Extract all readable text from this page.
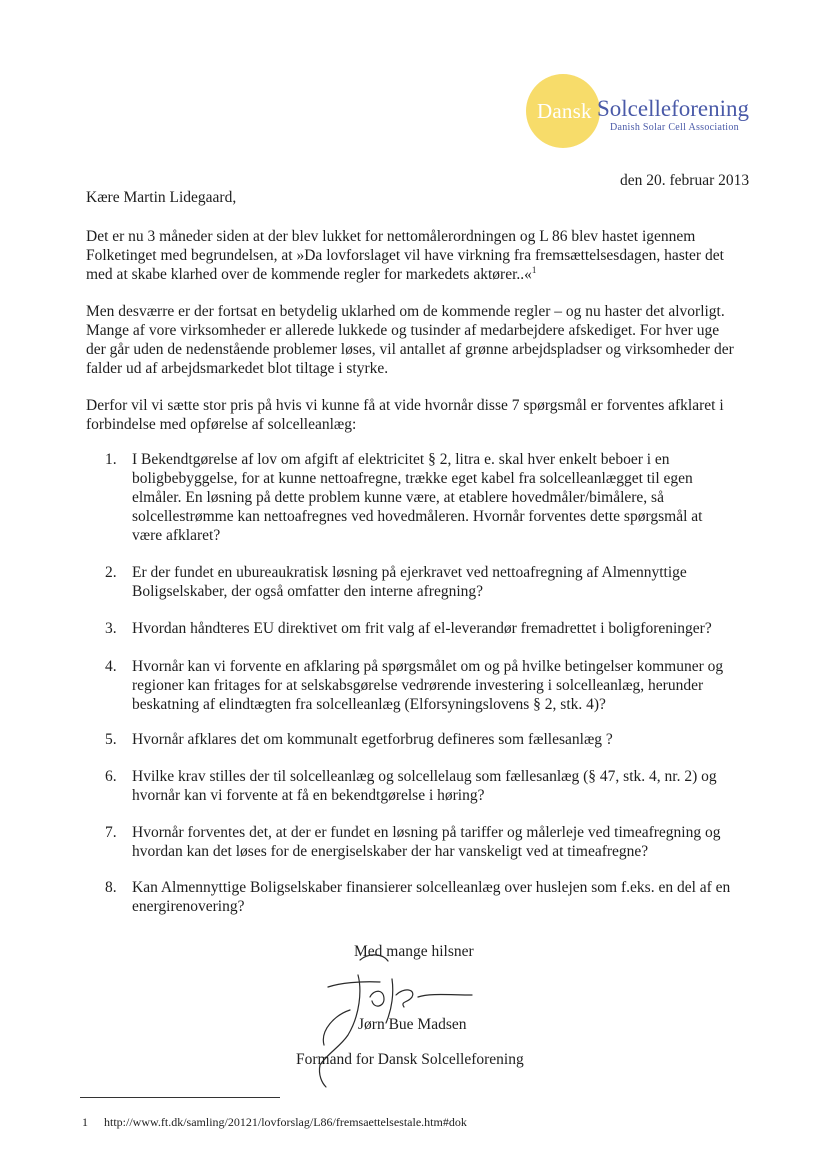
Dansk Solcelleforening
Danish Solar Cell Association
den 20. februar 2013
Kære Martin Lidegaard,

Det er nu 3 måneder siden at der blev lukket for nettomålerordningen og L 86 blev hastet igennem
Folketinget med begrundelsen, at »Da lovforslaget vil have virkning fra fremsættelsesdagen, haster det
med at skabe klarhed over de kommende regler for markedets aktører..«$^1$

Men desværre er der fortsat en betydelig uklarhed om de kommende regler – og nu haster det alvorligt.
Mange af vore virksomheder er allerede lukkede og tusinder af medarbejdere afskediget. For hver uge
der går uden de nedenstående problemer løses, vil antallet af grønne arbejdspladser og virksomheder der
falder ud af arbejdsmarkedet blot tiltage i styrke.

Derfor vil vi sætte stor pris på hvis vi kunne få at vide hvornår disse 7 spørgsmål er forventes afklaret i
forbindelse med opførelse af solcelleanlæg:

1. I Bekendtgørelse af lov om afgift af elektricitet § 2, litra e. skal hver enkelt beboer i en
boligbebyggelse, for at kunne nettoafregne, trække eget kabel fra solcelleanlægget til egen
elmåler. En løsning på dette problem kunne være, at etablere hovedmåler/bimålere, så
solcellestrømme kan nettoafregnes ved hovedmåleren. Hvornår forventes dette spørgsmål at
være afklaret?
2. Er der fundet en ubureaukratisk løsning på ejerkravet ved nettoafregning af Almennyttige
Boligselskaber, der også omfatter den interne afregning?
3. Hvordan håndteres EU direktivet om frit valg af el-leverandør fremadrettet i boligforeninger?
4. Hvornår kan vi forvente en afklaring på spørgsmålet om og på hvilke betingelser kommuner og
regioner kan fritages for at selskabsgørelse vedrørende investering i solcelleanlæg, herunder
beskatning af elindtægten fra solcelleanlæg (Elforsyningslovens § 2, stk. 4)?
5. Hvornår afklares det om kommunalt egetforbrug defineres som fællesanlæg ?
6. Hvilke krav stilles der til solcelleanlæg og solcellelaug som fællesanlæg (§ 47, stk. 4, nr. 2) og
hvornår kan vi forvente at få en bekendtgørelse i høring?
7. Hvornår forventes det, at der er fundet en løsning på tariffer og målerleje ved timeafregning og
hvordan kan det løses for de energiselskaber der har vanskeligt ved at timeafregne?
8. Kan Almennyttige Boligselskaber finansierer solcelleanlæg over huslejen som f.eks. en del af en
energirenovering?
Med mange hilsner
Jørn Bue Madsen
Formand for Dansk Solcelleforening
1 http://www.ft.dk/samling/20121/lovforslag/L86/fremsaettelsestale.htm#dok
